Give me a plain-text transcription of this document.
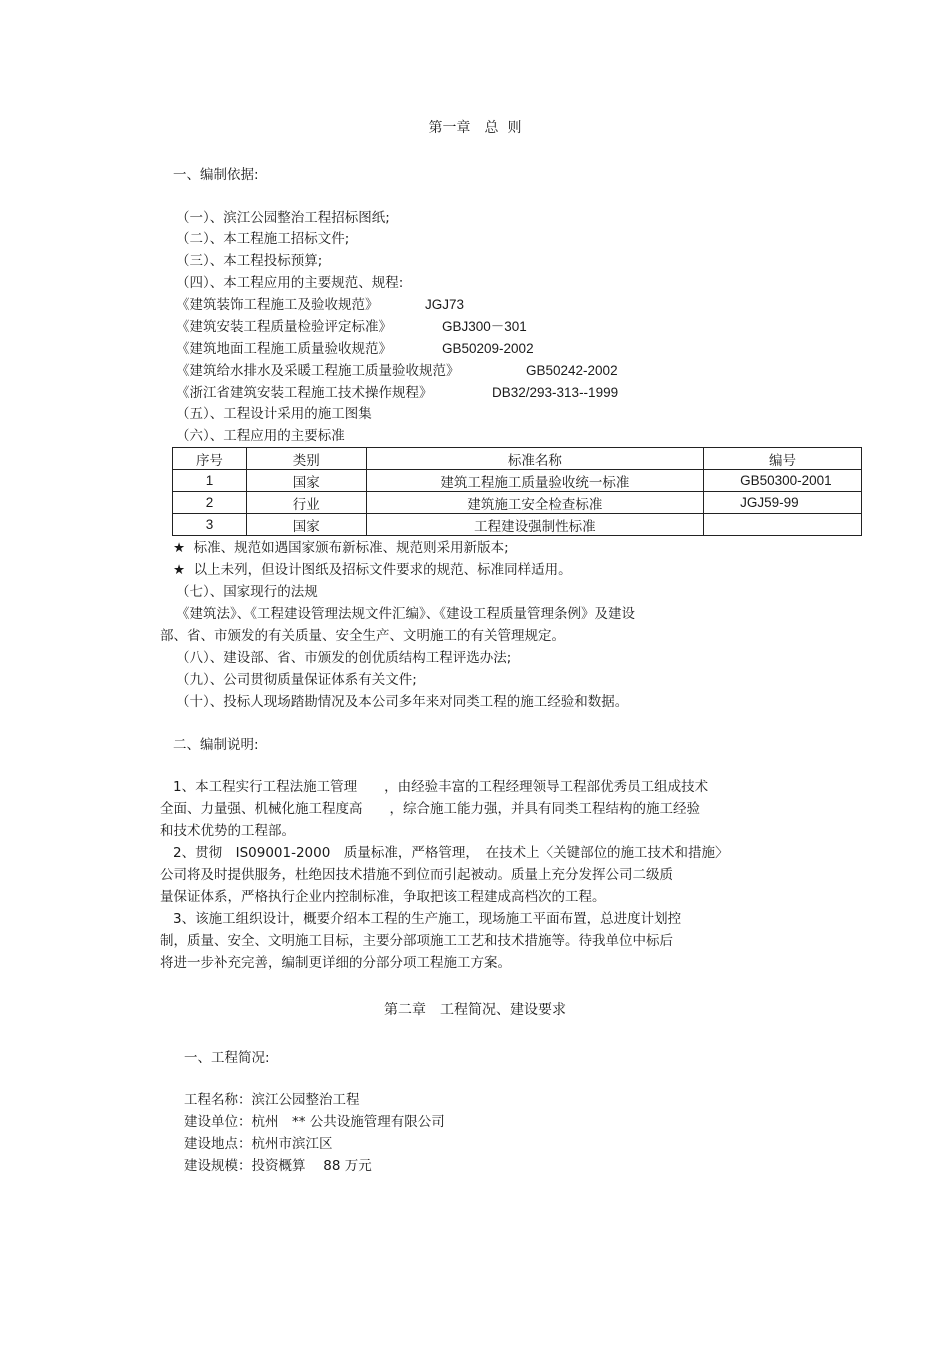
第一章　总  则
一、编制依据:
（一）、滨江公园整治工程招标图纸;
（二）、本工程施工招标文件;
（三）、本工程投标预算;
（四）、本工程应用的主要规范、规程:
《建筑装饰工程施工及验收规范》	JGJ73
《建筑安装工程质量检验评定标准》	GBJ300－301
《建筑地面工程施工质量验收规范》	GB50209-2002
《建筑给水排水及采暖工程施工质量验收规范》	GB50242-2002
《浙江省建筑安装工程施工技术操作规程》	DB32/293-313--1999
（五）、工程设计采用的施工图集
（六）、工程应用的主要标准
序号	类别	标准名称	编号
1	国家	建筑工程施工质量验收统一标准	GB50300-2001
2	行业	建筑施工安全检查标准	JGJ59-99
3	国家	工程建设强制性标准	
★  标准、规范如遇国家颁布新标准、规范则采用新版本;
★  以上未列，但设计图纸及招标文件要求的规范、标准同样适用。
（七）、国家现行的法规
《建筑法》、《工程建设管理法规文件汇编》、《建设工程质量管理条例》及建设
部、省、市颁发的有关质量、安全生产、文明施工的有关管理规定。
（八）、建设部、省、市颁发的创优质结构工程评选办法;
（九）、公司贯彻质量保证体系有关文件;
（十）、投标人现场踏勘情况及本公司多年来对同类工程的施工经验和数据。
二、编制说明:
1、本工程实行工程法施工管理　　，由经验丰富的工程经理领导工程部优秀员工组成技术
全面、力量强、机械化施工程度高　　，综合施工能力强，并具有同类工程结构的施工经验
和技术优势的工程部。
2、贯彻　IS09001-2000　质量标准，严格管理，　在技术上〈关键部位的施工技术和措施〉
公司将及时提供服务，杜绝因技术措施不到位而引起被动。质量上充分发挥公司二级质
量保证体系，严格执行企业内控制标准，争取把该工程建成高档次的工程。
3、该施工组织设计，概要介绍本工程的生产施工，现场施工平面布置，总进度计划控
制，质量、安全、文明施工目标，主要分部项施工工艺和技术措施等。待我单位中标后
将进一步补充完善，编制更详细的分部分项工程施工方案。
第二章　工程简况、建设要求
一、工程简况:
工程名称：滨江公园整治工程
建设单位：杭州　** 公共设施管理有限公司
建设地点：杭州市滨江区
建设规模：投资概算　 88 万元
